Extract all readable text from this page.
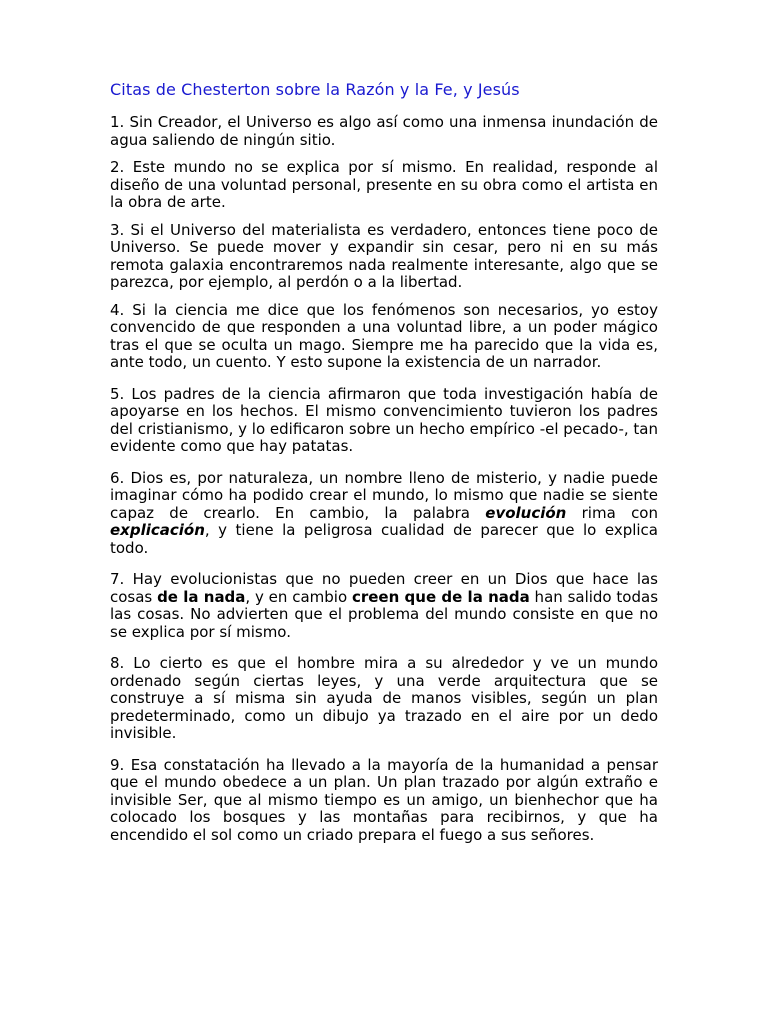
Citas de Chesterton sobre la Razón y la Fe, y Jesús

1. Sin Creador, el Universo es algo así como una inmensa inundación de agua saliendo de ningún sitio.

2. Este mundo no se explica por sí mismo. En realidad, responde al diseño de una voluntad personal, presente en su obra como el artista en la obra de arte.

3. Si el Universo del materialista es verdadero, entonces tiene poco de Universo. Se puede mover y expandir sin cesar, pero ni en su más remota galaxia encontraremos nada realmente interesante, algo que se parezca, por ejemplo, al perdón o a la libertad.

4. Si la ciencia me dice que los fenómenos son necesarios, yo estoy convencido de que responden a una voluntad libre, a un poder mágico tras el que se oculta un mago. Siempre me ha parecido que la vida es, ante todo, un cuento. Y esto supone la existencia de un narrador.

5. Los padres de la ciencia afirmaron que toda investigación había de apoyarse en los hechos. El mismo convencimiento tuvieron los padres del cristianismo, y lo edificaron sobre un hecho empírico -el pecado-, tan evidente como que hay patatas.

6. Dios es, por naturaleza, un nombre lleno de misterio, y nadie puede imaginar cómo ha podido crear el mundo, lo mismo que nadie se siente capaz de crearlo. En cambio, la palabra evolución rima con explicación, y tiene la peligrosa cualidad de parecer que lo explica todo.

7. Hay evolucionistas que no pueden creer en un Dios que hace las cosas de la nada, y en cambio creen que de la nada han salido todas las cosas. No advierten que el problema del mundo consiste en que no se explica por sí mismo.

8. Lo cierto es que el hombre mira a su alrededor y ve un mundo ordenado según ciertas leyes, y una verde arquitectura que se construye a sí misma sin ayuda de manos visibles, según un plan predeterminado, como un dibujo ya trazado en el aire por un dedo invisible.

9. Esa constatación ha llevado a la mayoría de la humanidad a pensar que el mundo obedece a un plan. Un plan trazado por algún extraño e invisible Ser, que al mismo tiempo es un amigo, un bienhechor que ha colocado los bosques y las montañas para recibirnos, y que ha encendido el sol como un criado prepara el fuego a sus señores.
